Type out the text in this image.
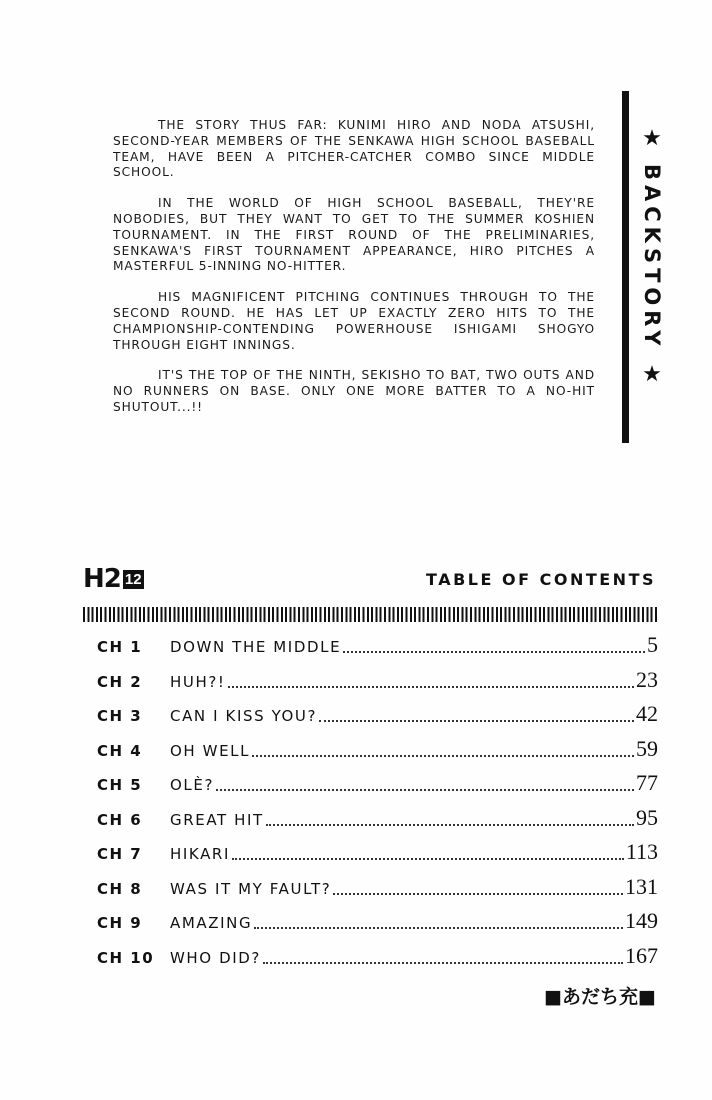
THE STORY THUS FAR: KUNIMI HIRO AND NODA ATSUSHI, SECOND-YEAR MEMBERS OF THE SENKAWA HIGH SCHOOL BASEBALL TEAM, HAVE BEEN A PITCHER-CATCHER COMBO SINCE MIDDLE SCHOOL.

IN THE WORLD OF HIGH SCHOOL BASEBALL, THEY'RE NOBODIES, BUT THEY WANT TO GET TO THE SUMMER KOSHIEN TOURNAMENT. IN THE FIRST ROUND OF THE PRELIMINARIES, SENKAWA'S FIRST TOURNAMENT APPEARANCE, HIRO PITCHES A MASTERFUL 5-INNING NO-HITTER.

HIS MAGNIFICENT PITCHING CONTINUES THROUGH TO THE SECOND ROUND. HE HAS LET UP EXACTLY ZERO HITS TO THE CHAMPIONSHIP-CONTENDING POWERHOUSE ISHIGAMI SHOGYO THROUGH EIGHT INNINGS.

IT'S THE TOP OF THE NINTH, SEKISHO TO BAT, TWO OUTS AND NO RUNNERS ON BASE. ONLY ONE MORE BATTER TO A NO-HIT SHUTOUT...!!

★
BACKSTORY
★
H2 12	TABLE OF CONTENTS
CH 1	DOWN THE MIDDLE	5
CH 2	HUH?!	23
CH 3	CAN I KISS YOU?	42
CH 4	OH WELL	59
CH 5	OLÈ?	77
CH 6	GREAT HIT	95
CH 7	HIKARI	113
CH 8	WAS IT MY FAULT?	131
CH 9	AMAZING	149
CH 10	WHO DID?	167
■あだち充■
